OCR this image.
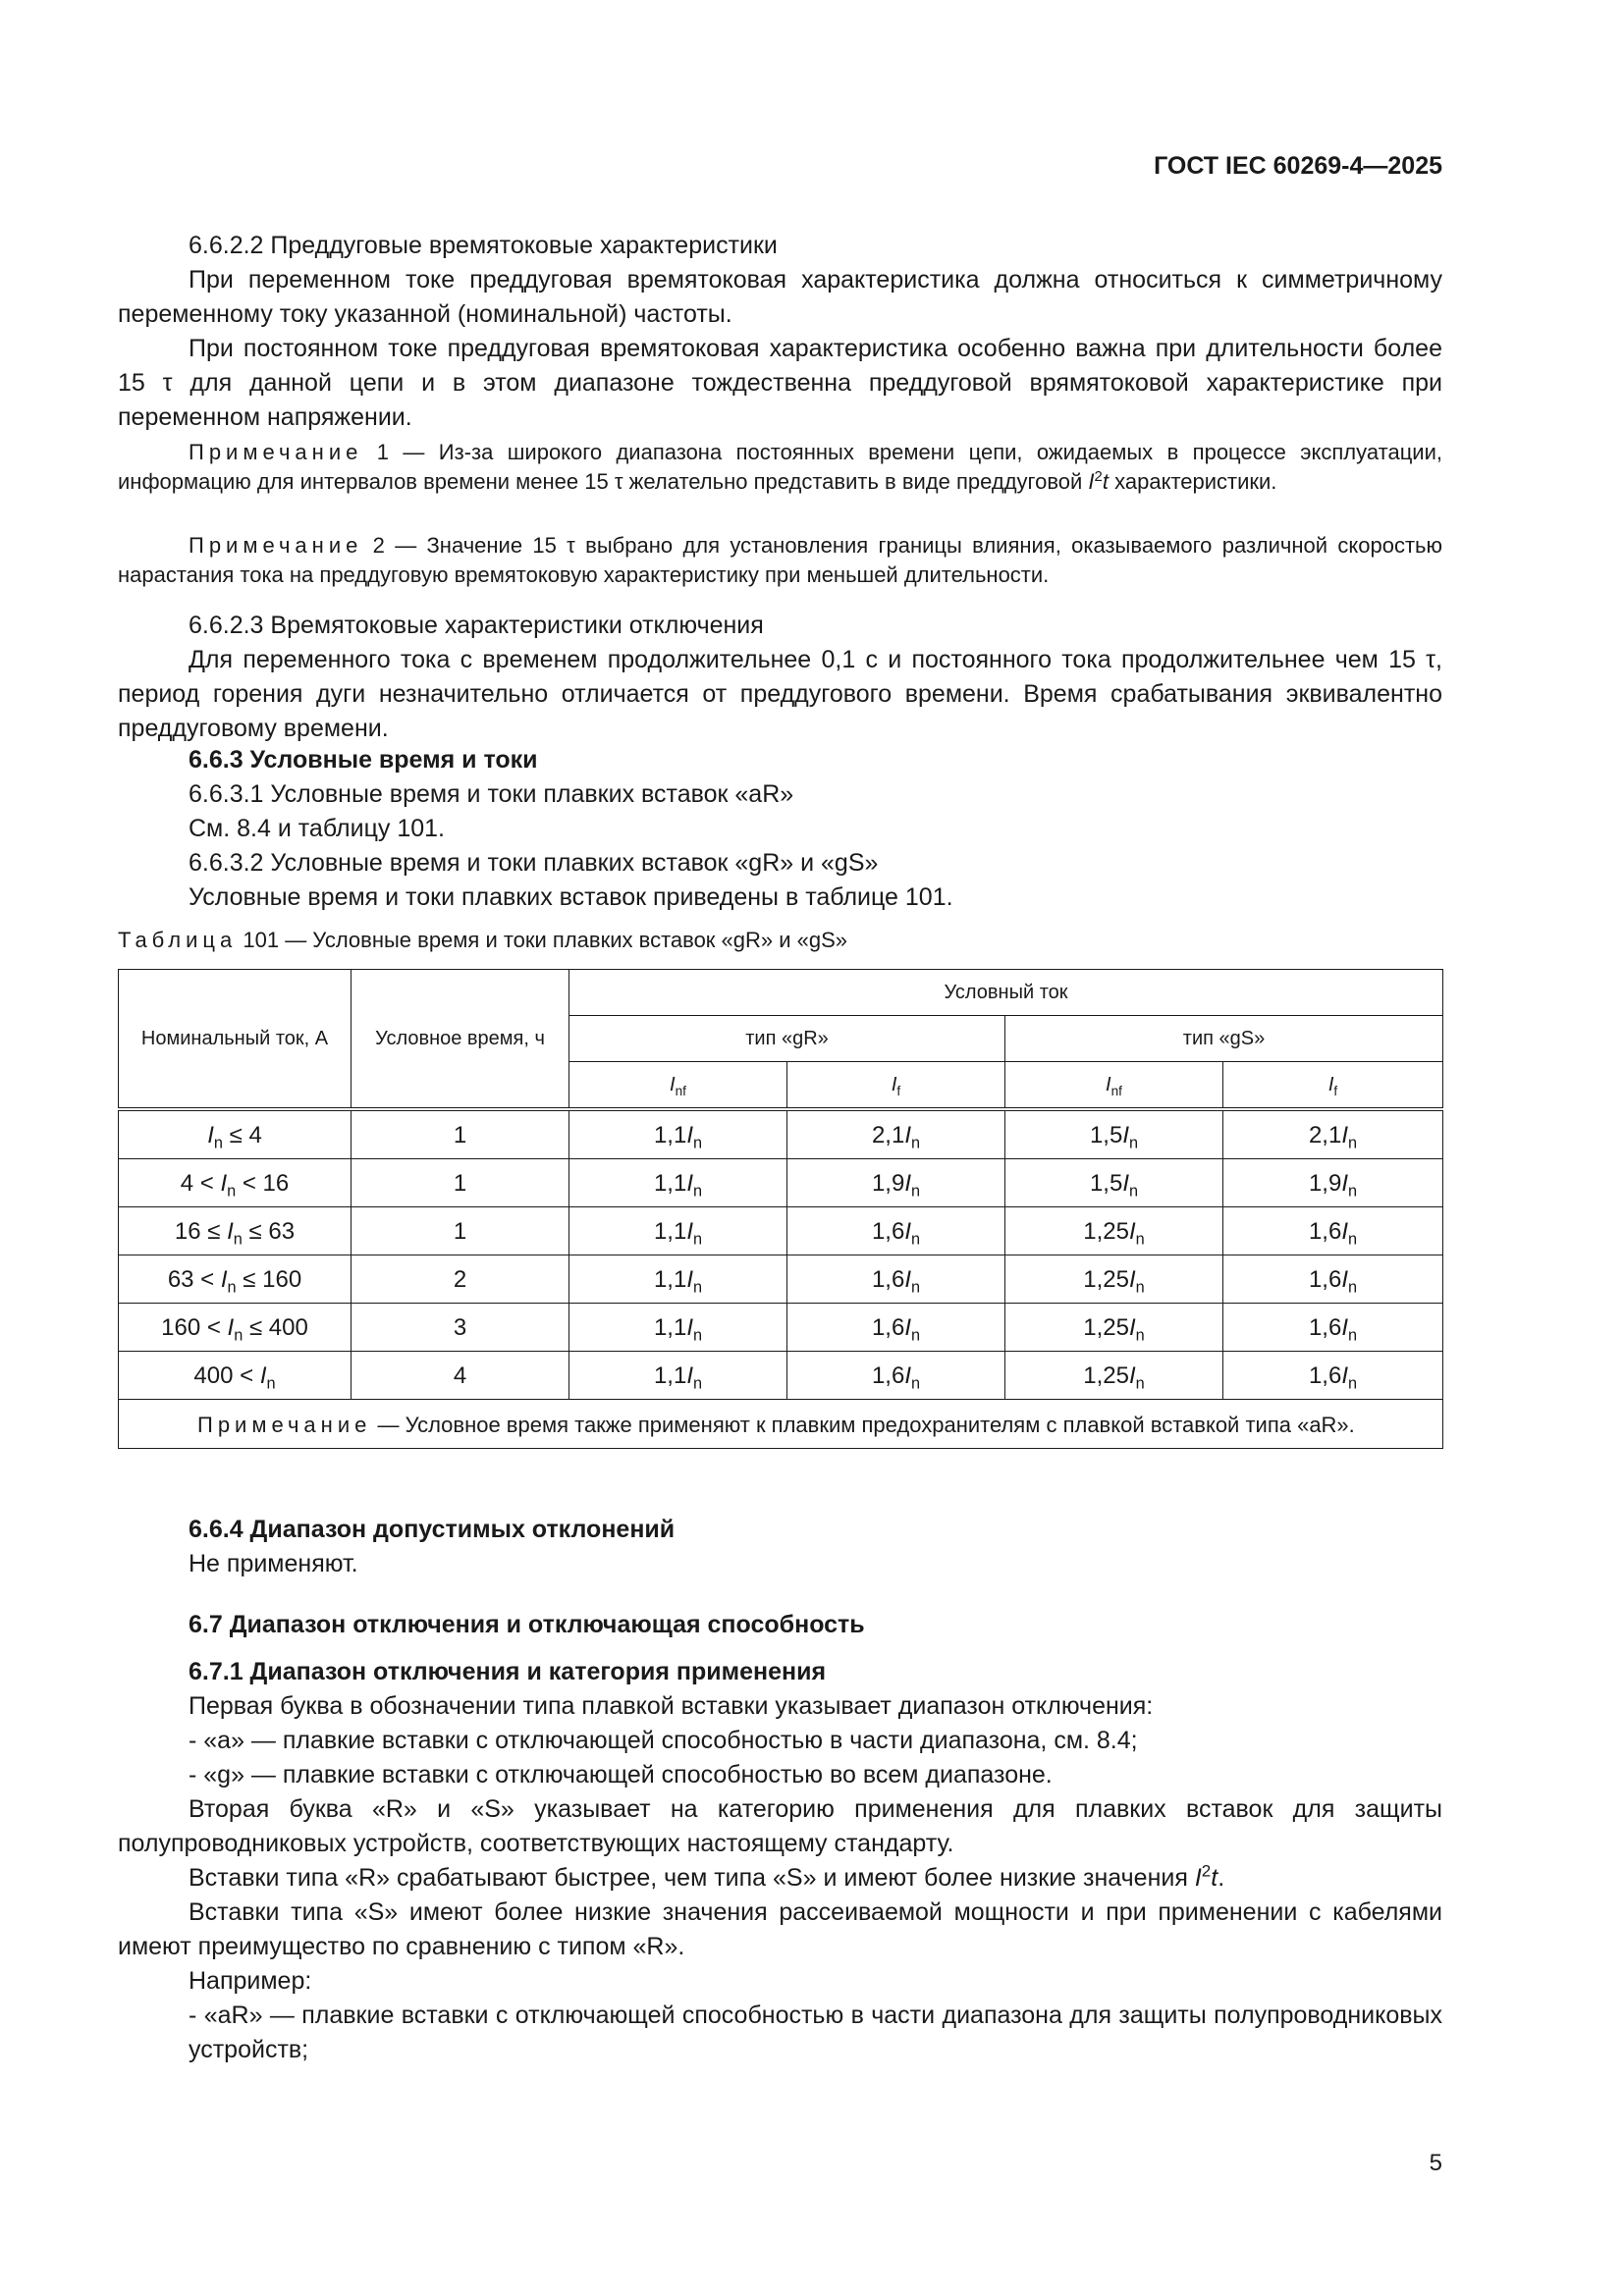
ГОСТ IEC 60269-4—2025

6.6.2.2 Преддуговые времятоковые характеристики

При переменном токе преддуговая времятоковая характеристика должна относиться к симметричному переменному току указанной (номинальной) частоты.

При постоянном токе преддуговая времятоковая характеристика особенно важна при длительности более 15 τ для данной цепи и в этом диапазоне тождественна преддуговой врямятоковой характеристике при переменном напряжении.

Примечание 1 — Из-за широкого диапазона постоянных времени цепи, ожидаемых в процессе эксплуатации, информацию для интервалов времени менее 15 τ желательно представить в виде преддуговой $I^2t$ характеристики.

Примечание 2 — Значение 15 τ выбрано для установления границы влияния, оказываемого различной скоростью нарастания тока на преддуговую времятоковую характеристику при меньшей длительности.

6.6.2.3 Времятоковые характеристики отключения

Для переменного тока с временем продолжительнее 0,1 с и постоянного тока продолжительнее чем 15 τ, период горения дуги незначительно отличается от преддугового времени. Время срабатывания эквивалентно преддуговому времени.

6.6.3 Условные время и токи

6.6.3.1 Условные время и токи плавких вставок «aR»

См. 8.4 и таблицу 101.

6.6.3.2 Условные время и токи плавких вставок «gR» и «gS»

Условные время и токи плавких вставок приведены в таблице 101.

Таблица 101 — Условные время и токи плавких вставок «gR» и «gS»
Номинальный ток, А	Условное время, ч	Условный ток			
		тип «gR»		тип «gS»	
		$I_{nf}$	$I_f$	$I_{nf}$	$I_f$
$I_n \le 4$	1	$1,1I_n$	$2,1I_n$	$1,5I_n$	$2,1I_n$
$4 < I_n < 16$	1	$1,1I_n$	$1,9I_n$	$1,5I_n$	$1,9I_n$
$16 \le I_n \le 63$	1	$1,1I_n$	$1,6I_n$	$1,25I_n$	$1,6I_n$
$63 < I_n \le 160$	2	$1,1I_n$	$1,6I_n$	$1,25I_n$	$1,6I_n$
$160 < I_n \le 400$	3	$1,1I_n$	$1,6I_n$	$1,25I_n$	$1,6I_n$
$400 < I_n$	4	$1,1I_n$	$1,6I_n$	$1,25I_n$	$1,6I_n$
Примечание — Условное время также применяют к плавким предохранителям с плавкой вставкой типа «aR».					

6.6.4 Диапазон допустимых отклонений

Не применяют.

6.7 Диапазон отключения и отключающая способность

6.7.1 Диапазон отключения и категория применения

Первая буква в обозначении типа плавкой вставки указывает диапазон отключения:

- «a» — плавкие вставки с отключающей способностью в части диапазона, см. 8.4;

- «g» — плавкие вставки с отключающей способностью во всем диапазоне.

Вторая буква «R» и «S» указывает на категорию применения для плавких вставок для защиты полупроводниковых устройств, соответствующих настоящему стандарту.

Вставки типа «R» срабатывают быстрее, чем типа «S» и имеют более низкие значения $I^2t$.

Вставки типа «S» имеют более низкие значения рассеиваемой мощности и при применении с кабелями имеют преимущество по сравнению с типом «R».

Например:

- «aR» — плавкие вставки с отключающей способностью в части диапазона для защиты полупроводниковых устройств;

5
